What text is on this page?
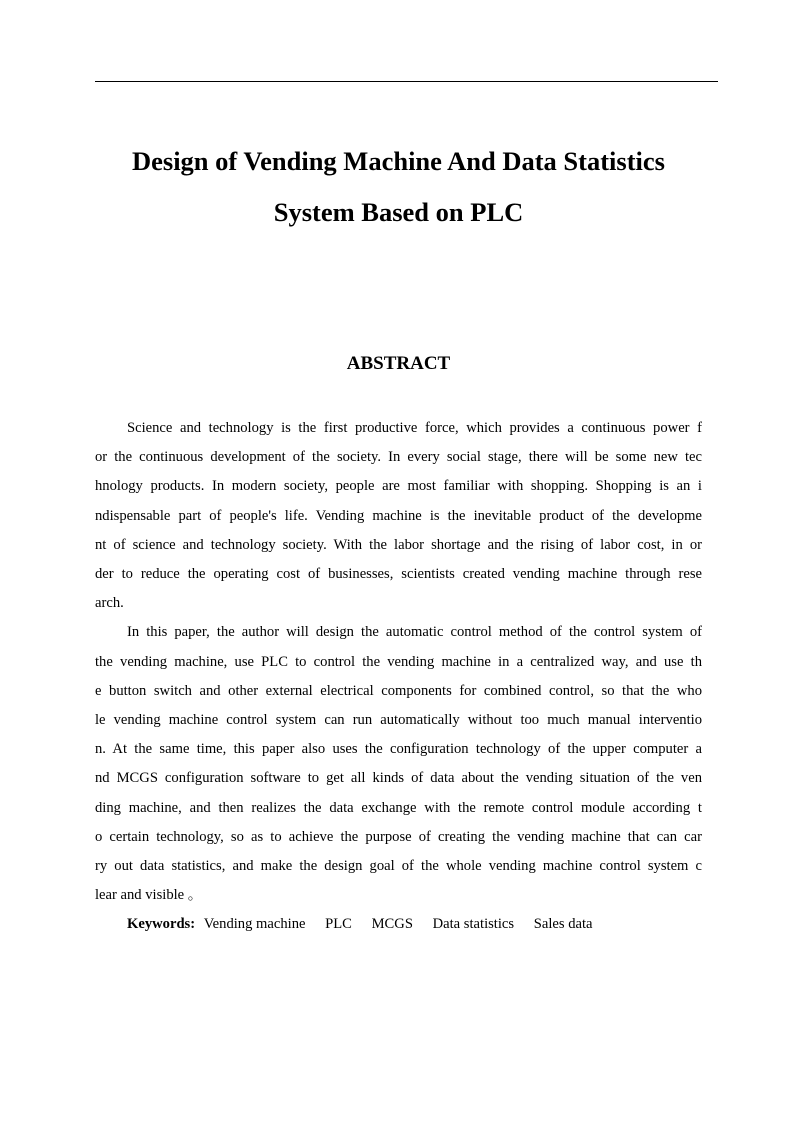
Design of Vending Machine And Data Statistics
System Based on PLC
ABSTRACT
Science and technology is the first productive force, which provides a continuous power f
or the continuous development of the society. In every social stage, there will be some new tec
hnology products. In modern society, people are most familiar with shopping. Shopping is an i
ndispensable part of people's life. Vending machine is the inevitable product of the developme
nt of science and technology society. With the labor shortage and the rising of labor cost, in or
der to reduce the operating cost of businesses, scientists created vending machine through rese
arch.
In this paper, the author will design the automatic control method of the control system of
the vending machine, use PLC to control the vending machine in a centralized way, and use th
e button switch and other external electrical components for combined control, so that the who
le vending machine control system can run automatically without too much manual interventio
n. At the same time, this paper also uses the configuration technology of the upper computer a
nd MCGS configuration software to get all kinds of data about the vending situation of the ven
ding machine, and then realizes the data exchange with the remote control module according t
o certain technology, so as to achieve the purpose of creating the vending machine that can car
ry out data statistics, and make the design goal of the whole vending machine control system c
lear and visible 。
Keywords: Vending machine PLC MCGS Data statistics Sales data
